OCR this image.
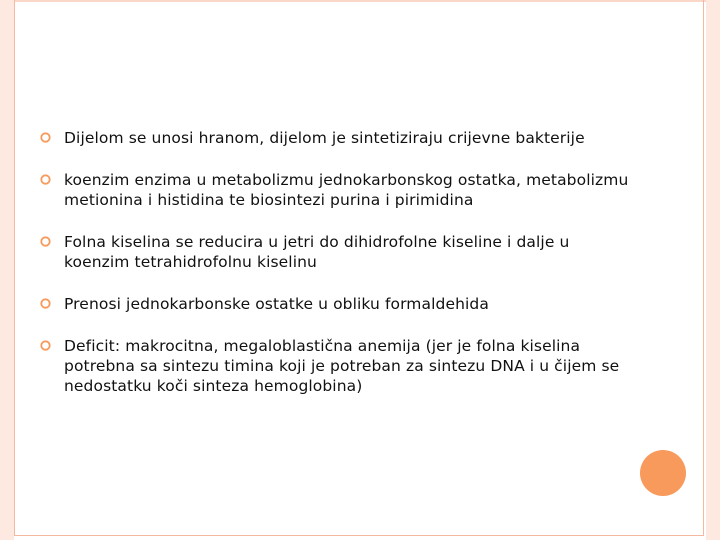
Dijelom se unosi hranom, dijelom je sintetiziraju crijevne bakterije
koenzim enzima u metabolizmu jednokarbonskog ostatka, metabolizmu metionina i histidina te biosintezi purina i pirimidina
Folna kiselina se reducira u jetri do dihidrofolne kiseline i dalje u koenzim tetrahidrofolnu kiselinu
Prenosi jednokarbonske ostatke u obliku formaldehida
Deficit: makrocitna, megaloblastična anemija (jer je folna kiselina potrebna sa sintezu timina koji je potreban za sintezu DNA i u čijem se nedostatku koči sinteza hemoglobina)
